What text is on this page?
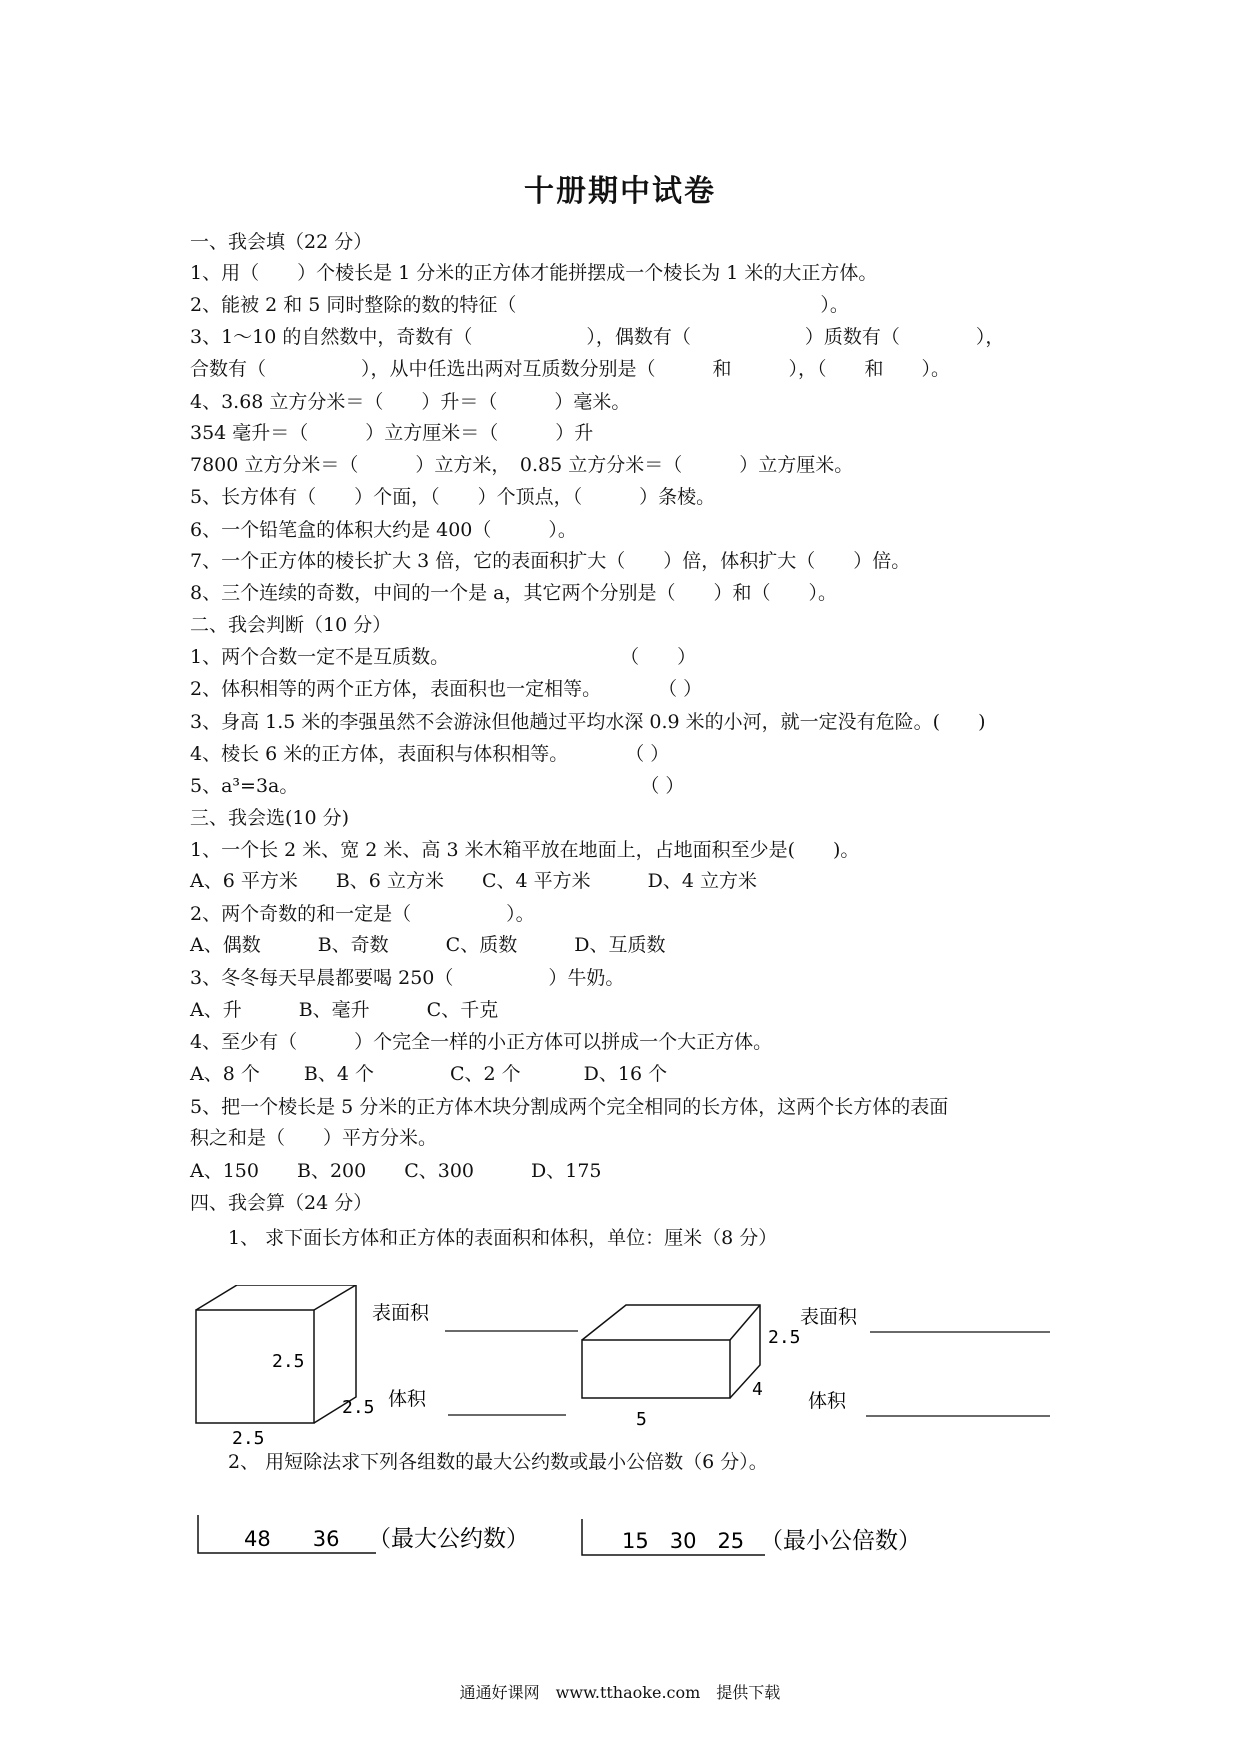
十册期中试卷
一、我会填（22 分）
1、用（　　）个棱长是 1 分米的正方体才能拼摆成一个棱长为 1 米的大正方体。
2、能被 2 和 5 同时整除的数的特征（　　　　　　　　　　　　　　　　）。
3、1～10 的自然数中，奇数有（　　　　　　），偶数有（　　　　　　）质数有（　　　　），
合数有（　　　　　），从中任选出两对互质数分别是（　　　和　　　），（　　和　　）。
4、3.68 立方分米＝（　　）升＝（　　　）毫米。
354 毫升＝（　　　）立方厘米＝（　　　）升
7800 立方分米＝（　　　）立方米，　0.85 立方分米＝（　　　）立方厘米。
5、长方体有（　　）个面，（　　）个顶点，（　　　）条棱。
6、一个铅笔盒的体积大约是 400（　　　）。
7、一个正方体的棱长扩大 3 倍，它的表面积扩大（　　）倍，体积扩大（　　）倍。
8、三个连续的奇数，中间的一个是 a，其它两个分别是（　　）和（　　）。
二、我会判断（10 分）
1、两个合数一定不是互质数。　　　　　　　　　　（　　）
2、体积相等的两个正方体，表面积也一定相等。　　　　（ ）
3、身高 1.5 米的李强虽然不会游泳但他趟过平均水深 0.9 米的小河，就一定没有危险。(　　)
4、棱长 6 米的正方体，表面积与体积相等。　　　　（ ）
5、a³=3a。　　　　　　　　　　　　　　　　　　　（ ）
三、我会选(10 分)
1、一个长 2 米、宽 2 米、高 3 米木箱平放在地面上，占地面积至少是(　　)。
A、6 平方米　　B、6 立方米　　C、4 平方米　　　D、4 立方米
2、两个奇数的和一定是（　　　　　）。
A、偶数　　　B、奇数　　　C、质数　　　D、互质数
3、冬冬每天早晨都要喝 250（　　　　　）牛奶。
A、升　　　B、毫升　　　C、千克
4、至少有（　　　）个完全一样的小正方体可以拼成一个大正方体。
A、8 个　　 B、4 个　　　　C、2 个　　　 D、16 个
5、把一个棱长是 5 分米的正方体木块分割成两个完全相同的长方体，这两个长方体的表面
积之和是（　　）平方分米。
A、150　　B、200　　C、300　　　D、175
四、我会算（24 分）
　　1、 求下面长方体和正方体的表面积和体积，单位：厘米（8 分）
2.5
2.5
2.5
表面积
体积
2.5
4
5
表面积
体积
　　2、 用短除法求下列各组数的最大公约数或最小公倍数（6 分）。
48　　36 （最大公约数）	15　30　25 （最小公倍数）
通通好课网　www.tthaoke.com　提供下载
